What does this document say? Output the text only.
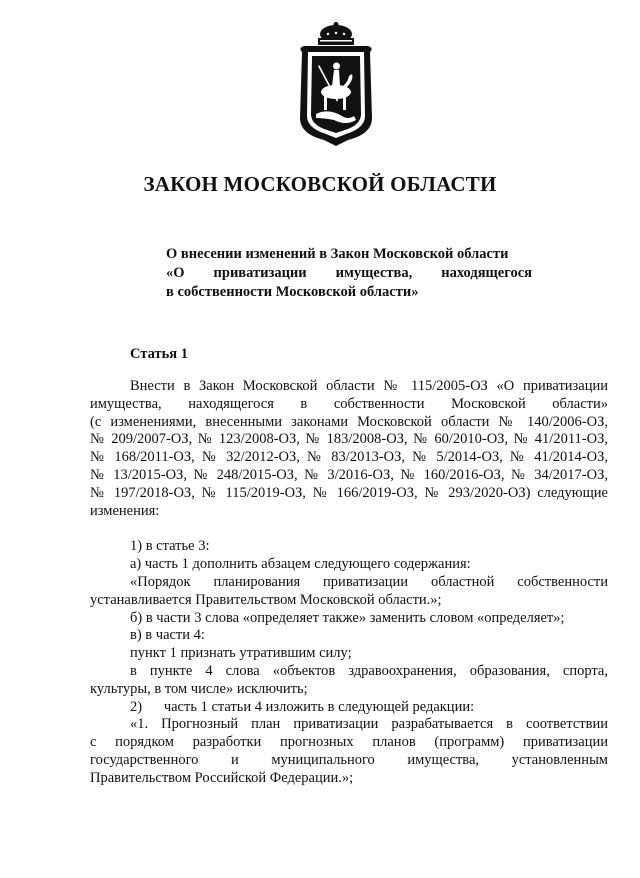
ЗАКОН МОСКОВСКОЙ ОБЛАСТИ
О внесении изменений в Закон Московской области
«О приватизации имущества, находящегося
в собственности Московской области»
Статья 1
Внести в Закон Московской области № 115/2005-ОЗ «О приватизации
имущества, находящегося в собственности Московской области»
(с изменениями, внесенными законами Московской области № 140/2006-ОЗ,
№ 209/2007-ОЗ, № 123/2008-ОЗ, № 183/2008-ОЗ, № 60/2010-ОЗ, № 41/2011-ОЗ,
№ 168/2011-ОЗ, № 32/2012-ОЗ, № 83/2013-ОЗ, № 5/2014-ОЗ, № 41/2014-ОЗ,
№ 13/2015-ОЗ, № 248/2015-ОЗ, № 3/2016-ОЗ, № 160/2016-ОЗ, № 34/2017-ОЗ,
№ 197/2018-ОЗ, № 115/2019-ОЗ, № 166/2019-ОЗ, № 293/2020-ОЗ) следующие
изменения:
1) в статье 3:
а) часть 1 дополнить абзацем следующего содержания:
«Порядок планирования приватизации областной собственности
устанавливается Правительством Московской области.»;
б) в части 3 слова «определяет также» заменить словом «определяет»;
в) в части 4:
пункт 1 признать утратившим силу;
в пункте 4 слова «объектов здравоохранения, образования, спорта,
культуры, в том числе» исключить;
2)      часть 1 статьи 4 изложить в следующей редакции:
«1. Прогнозный план приватизации разрабатывается в соответствии
с порядком разработки прогнозных планов (программ) приватизации
государственного и муниципального имущества, установленным
Правительством Российской Федерации.»;
